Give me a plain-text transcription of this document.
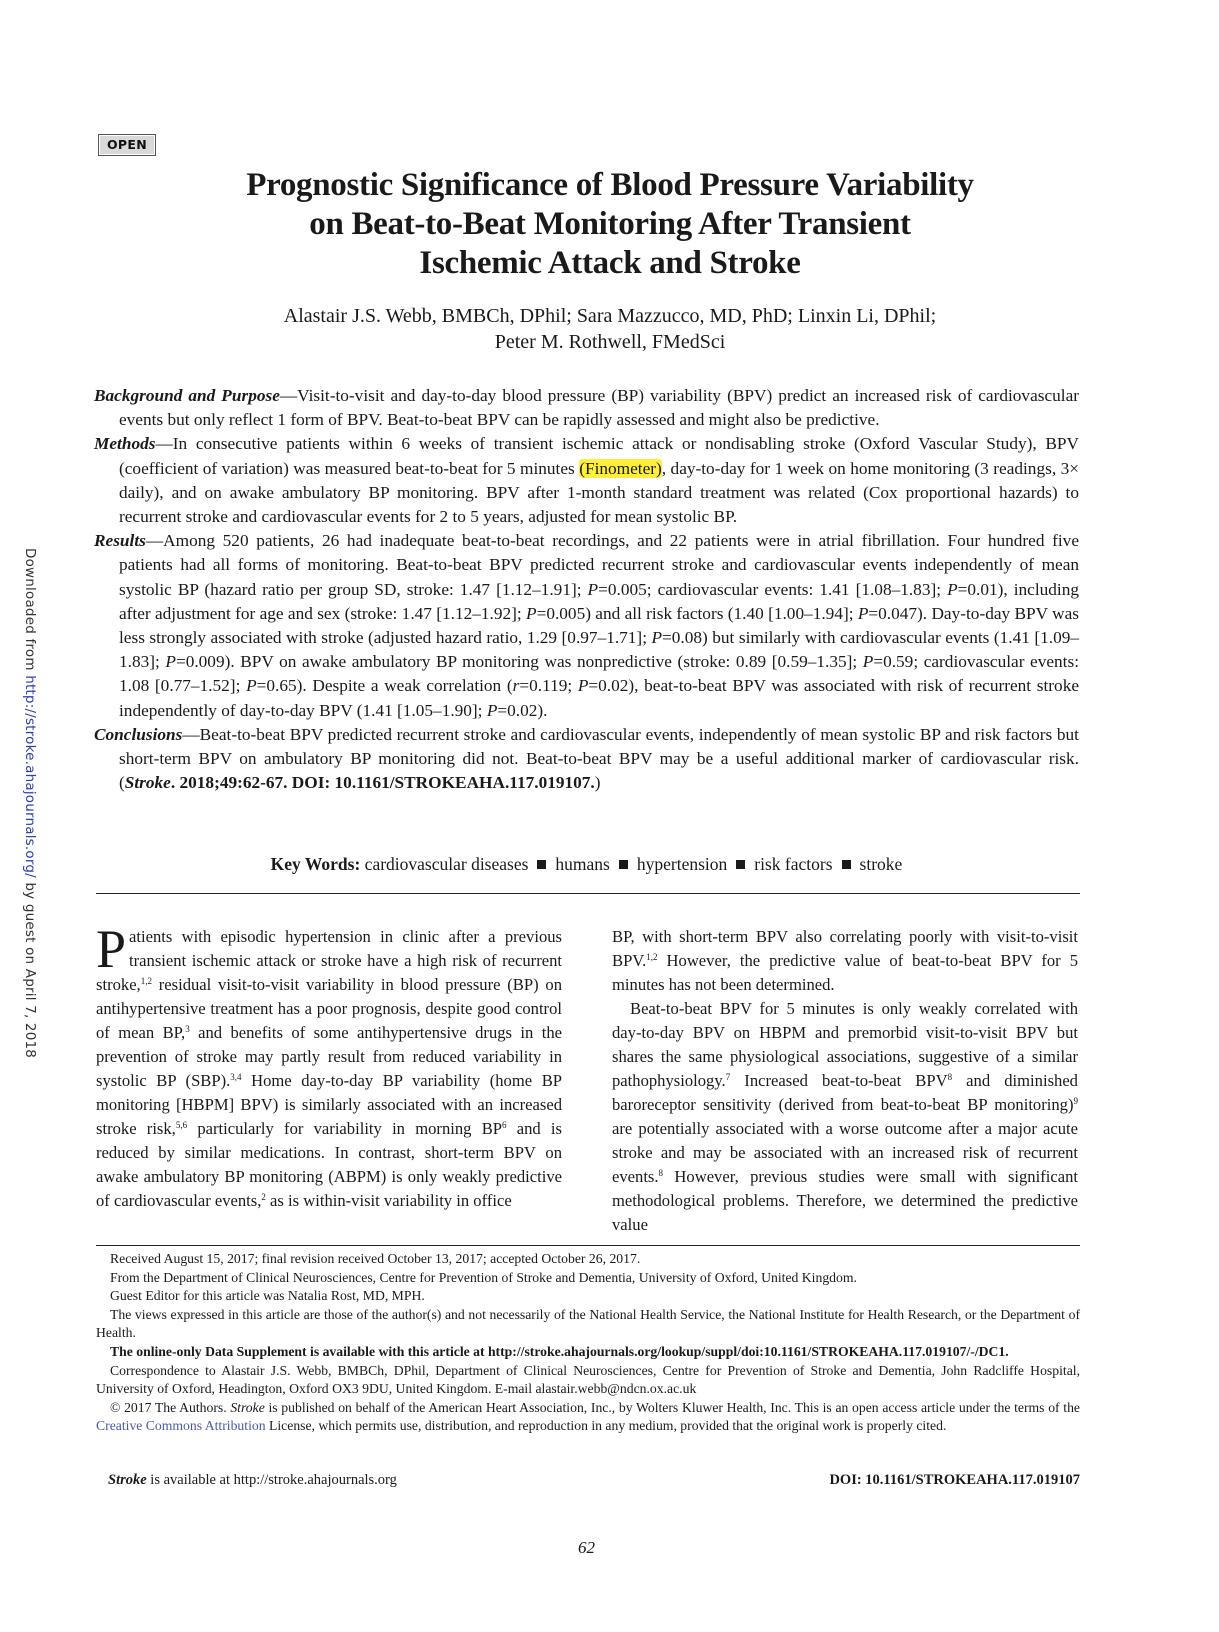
Downloaded from http://stroke.ahajournals.org/ by guest on April 7, 2018
OPEN
Prognostic Significance of Blood Pressure Variability
on Beat-to-Beat Monitoring After Transient
Ischemic Attack and Stroke
Alastair J.S. Webb, BMBCh, DPhil; Sara Mazzucco, MD, PhD; Linxin Li, DPhil;
Peter M. Rothwell, FMedSci

Background and Purpose—Visit-to-visit and day-to-day blood pressure (BP) variability (BPV) predict an increased risk of cardiovascular events but only reflect 1 form of BPV. Beat-to-beat BPV can be rapidly assessed and might also be predictive.

Methods—In consecutive patients within 6 weeks of transient ischemic attack or nondisabling stroke (Oxford Vascular Study), BPV (coefficient of variation) was measured beat-to-beat for 5 minutes (Finometer), day-to-day for 1 week on home monitoring (3 readings, 3× daily), and on awake ambulatory BP monitoring. BPV after 1-month standard treatment was related (Cox proportional hazards) to recurrent stroke and cardiovascular events for 2 to 5 years, adjusted for mean systolic BP.

Results—Among 520 patients, 26 had inadequate beat-to-beat recordings, and 22 patients were in atrial fibrillation. Four hundred five patients had all forms of monitoring. Beat-to-beat BPV predicted recurrent stroke and cardiovascular events independently of mean systolic BP (hazard ratio per group SD, stroke: 1.47 [1.12–1.91]; P=0.005; cardiovascular events: 1.41 [1.08–1.83]; P=0.01), including after adjustment for age and sex (stroke: 1.47 [1.12–1.92]; P=0.005) and all risk factors (1.40 [1.00–1.94]; P=0.047). Day-to-day BPV was less strongly associated with stroke (adjusted hazard ratio, 1.29 [0.97–1.71]; P=0.08) but similarly with cardiovascular events (1.41 [1.09–1.83]; P=0.009). BPV on awake ambulatory BP monitoring was nonpredictive (stroke: 0.89 [0.59–1.35]; P=0.59; cardiovascular events: 1.08 [0.77–1.52]; P=0.65). Despite a weak correlation (r=0.119; P=0.02), beat-to-beat BPV was associated with risk of recurrent stroke independently of day-to-day BPV (1.41 [1.05–1.90]; P=0.02).

Conclusions—Beat-to-beat BPV predicted recurrent stroke and cardiovascular events, independently of mean systolic BP and risk factors but short-term BPV on ambulatory BP monitoring did not. Beat-to-beat BPV may be a useful additional marker of cardiovascular risk. (Stroke. 2018;49:62-67. DOI: 10.1161/STROKEAHA.117.019107.)

Key Words: cardiovascular diseases humans hypertension risk factors stroke

Patients with episodic hypertension in clinic after a previous transient ischemic attack or stroke have a high risk of recurrent stroke,$^{1,2}$ residual visit-to-visit variability in blood pressure (BP) on antihypertensive treatment has a poor prognosis, despite good control of mean BP,$^3$ and benefits of some antihypertensive drugs in the prevention of stroke may partly result from reduced variability in systolic BP (SBP).$^{3,4}$ Home day-to-day BP variability (home BP monitoring [HBPM] BPV) is similarly associated with an increased stroke risk,$^{5,6}$ particularly for variability in morning $BP^6$ and is reduced by similar medications. In contrast, short-term BPV on awake ambulatory BP monitoring (ABPM) is only weakly predictive of cardiovascular events,$^2$ as is within-visit variability in office

BP, with short-term BPV also correlating poorly with visit-to-visit BPV.$^{1,2}$ However, the predictive value of beat-to-beat BPV for 5 minutes has not been determined.

Beat-to-beat BPV for 5 minutes is only weakly correlated with day-to-day BPV on HBPM and premorbid visit-to-visit BPV but shares the same physiological associations, suggestive of a similar pathophysiology.$^7$ Increased beat-to-beat BPV$^8$ and diminished baroreceptor sensitivity (derived from beat-to-beat BP monitoring)$^9$ are potentially associated with a worse outcome after a major acute stroke and may be associated with an increased risk of recurrent events.$^8$ However, previous studies were small with significant methodological problems. Therefore, we determined the predictive value

Received August 15, 2017; final revision received October 13, 2017; accepted October 26, 2017.

From the Department of Clinical Neurosciences, Centre for Prevention of Stroke and Dementia, University of Oxford, United Kingdom.

Guest Editor for this article was Natalia Rost, MD, MPH.

The views expressed in this article are those of the author(s) and not necessarily of the National Health Service, the National Institute for Health Research, or the Department of Health.

The online-only Data Supplement is available with this article at http://stroke.ahajournals.org/lookup/suppl/doi:10.1161/STROKEAHA.117.019107/-/DC1.

Correspondence to Alastair J.S. Webb, BMBCh, DPhil, Department of Clinical Neurosciences, Centre for Prevention of Stroke and Dementia, John Radcliffe Hospital, University of Oxford, Headington, Oxford OX3 9DU, United Kingdom. E-mail alastair.webb@ndcn.ox.ac.uk

© 2017 The Authors. Stroke is published on behalf of the American Heart Association, Inc., by Wolters Kluwer Health, Inc. This is an open access article under the terms of the Creative Commons Attribution License, which permits use, distribution, and reproduction in any medium, provided that the original work is properly cited.

Stroke is available at http://stroke.ahajournals.org	DOI: 10.1161/STROKEAHA.117.019107
62
